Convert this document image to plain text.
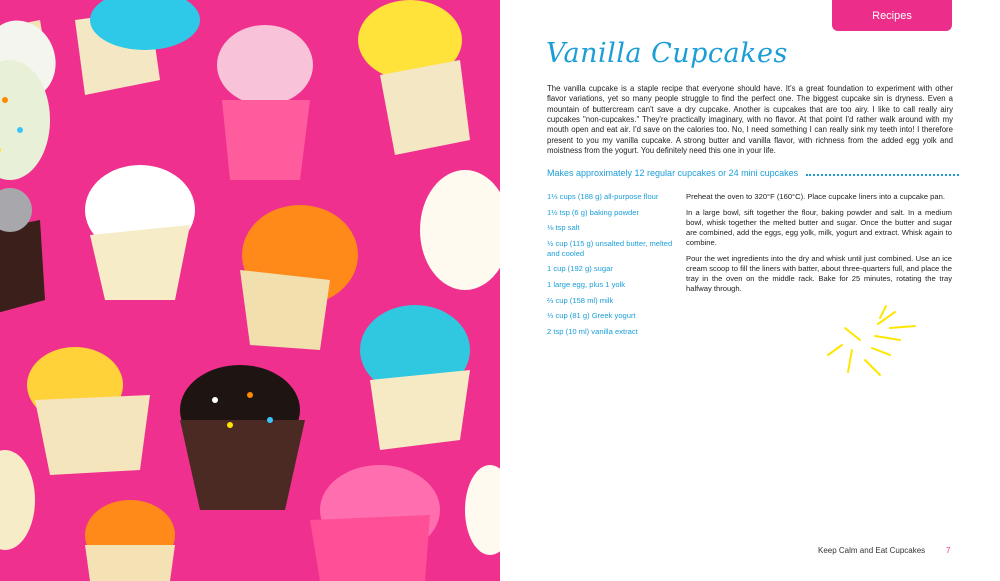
Recipes
Vanilla Cupcakes

The vanilla cupcake is a staple recipe that everyone should have. It's a great foundation to experiment with other flavor variations, yet so many people struggle to find the perfect one. The biggest cupcake sin is dryness. Even a mountain of buttercream can't save a dry cupcake. Another is cupcakes that are too airy. I like to call really airy cupcakes "non-cupcakes." They're practically imaginary, with no flavor. At that point I'd rather walk around with my mouth open and eat air. I'd save on the calories too. No, I need something I can really sink my teeth into! I therefore present to you my vanilla cupcake. A strong butter and vanilla flavor, with richness from the added egg yolk and moistness from the yogurt. You definitely need this one in your life.

Makes approximately 12 regular cupcakes or 24 mini cupcakes
1⅓ cups (188 g) all-purpose flour
1½ tsp (6 g) baking powder
⅛ tsp salt
½ cup (115 g) unsalted butter, melted and cooled
1 cup (192 g) sugar
1 large egg, plus 1 yolk
⅔ cup (158 ml) milk
⅓ cup (81 g) Greek yogurt
2 tsp (10 ml) vanilla extract

Preheat the oven to 320°F (160°C). Place cupcake liners into a cupcake pan.

In a large bowl, sift together the flour, baking powder and salt. In a medium bowl, whisk together the melted butter and sugar. Once the butter and sugar are combined, add the eggs, egg yolk, milk, yogurt and extract. Whisk again to combine.

Pour the wet ingredients into the dry and whisk until just combined. Use an ice cream scoop to fill the liners with batter, about three-quarters full, and place the tray in the oven on the middle rack. Bake for 25 minutes, rotating the tray halfway through.

Keep Calm and Eat Cupcakes	7
